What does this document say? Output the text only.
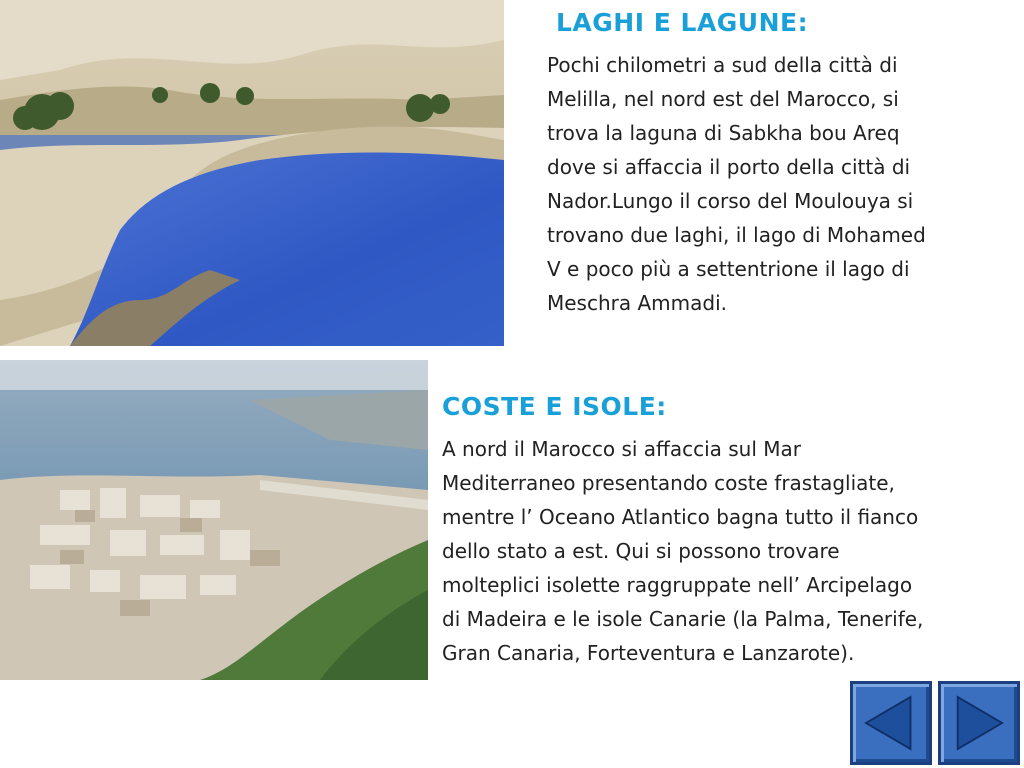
LAGHI E LAGUNE:

Pochi chilometri a sud della città di Melilla, nel nord est del Marocco, si trova la laguna di Sabkha bou Areq dove si affaccia il porto della città di Nador.Lungo il corso del Moulouya si trovano due laghi, il lago di Mohamed V e poco più a settentrione il lago di Meschra Ammadi.

COSTE E ISOLE:

A nord il Marocco si affaccia sul Mar Mediterraneo presentando coste frastagliate, mentre l’ Oceano Atlantico bagna tutto il fianco dello stato a est. Qui si possono trovare molteplici isolette raggruppate nell’ Arcipelago di Madeira e le isole Canarie (la Palma, Tenerife, Gran Canaria, Forteventura e Lanzarote).
